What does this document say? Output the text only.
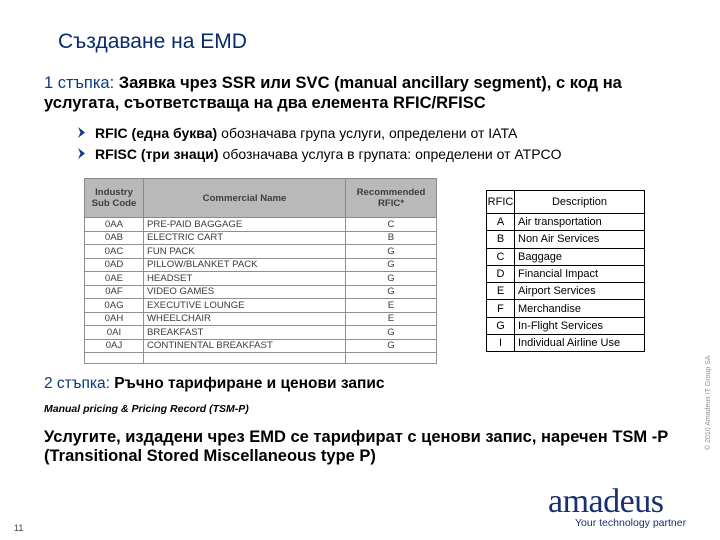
Създаване на EMD
1 стъпка: Заявка чрез SSR или SVC (manual ancillary segment), с код на услугата, съответстваща на два елемента RFIC/RFISC
RFIC (една буква) обозначава група услуги, определени от IATA
RFISC (три знаци) обозначава услуга в групата: определени от ATPCO
Industry Sub Code	Commercial Name	Recommended RFIC*
0AA	PRE-PAID BAGGAGE	C
0AB	ELECTRIC CART	B
0AC	FUN PACK	G
0AD	PILLOW/BLANKET PACK	G
0AE	HEADSET	G
0AF	VIDEO GAMES	G
0AG	EXECUTIVE LOUNGE	E
0AH	WHEELCHAIR	E
0AI	BREAKFAST	G
0AJ	CONTINENTAL BREAKFAST	G

RFIC	Description
A	Air transportation
B	Non Air Services
C	Baggage
D	Financial Impact
E	Airport Services
F	Merchandise
G	In-Flight Services
I	Individual Airline Use
2 стъпка: Ръчно тарифиране и ценови запис
Manual pricing & Pricing Record (TSM-P)
Услугите, издадени чрез EMD се тарифират с ценови запис, наречен TSM -P (Transitional Stored Miscellaneous type P)
11
© 2010 Amadeus IT Group SA
amadeus
Your technology partner
